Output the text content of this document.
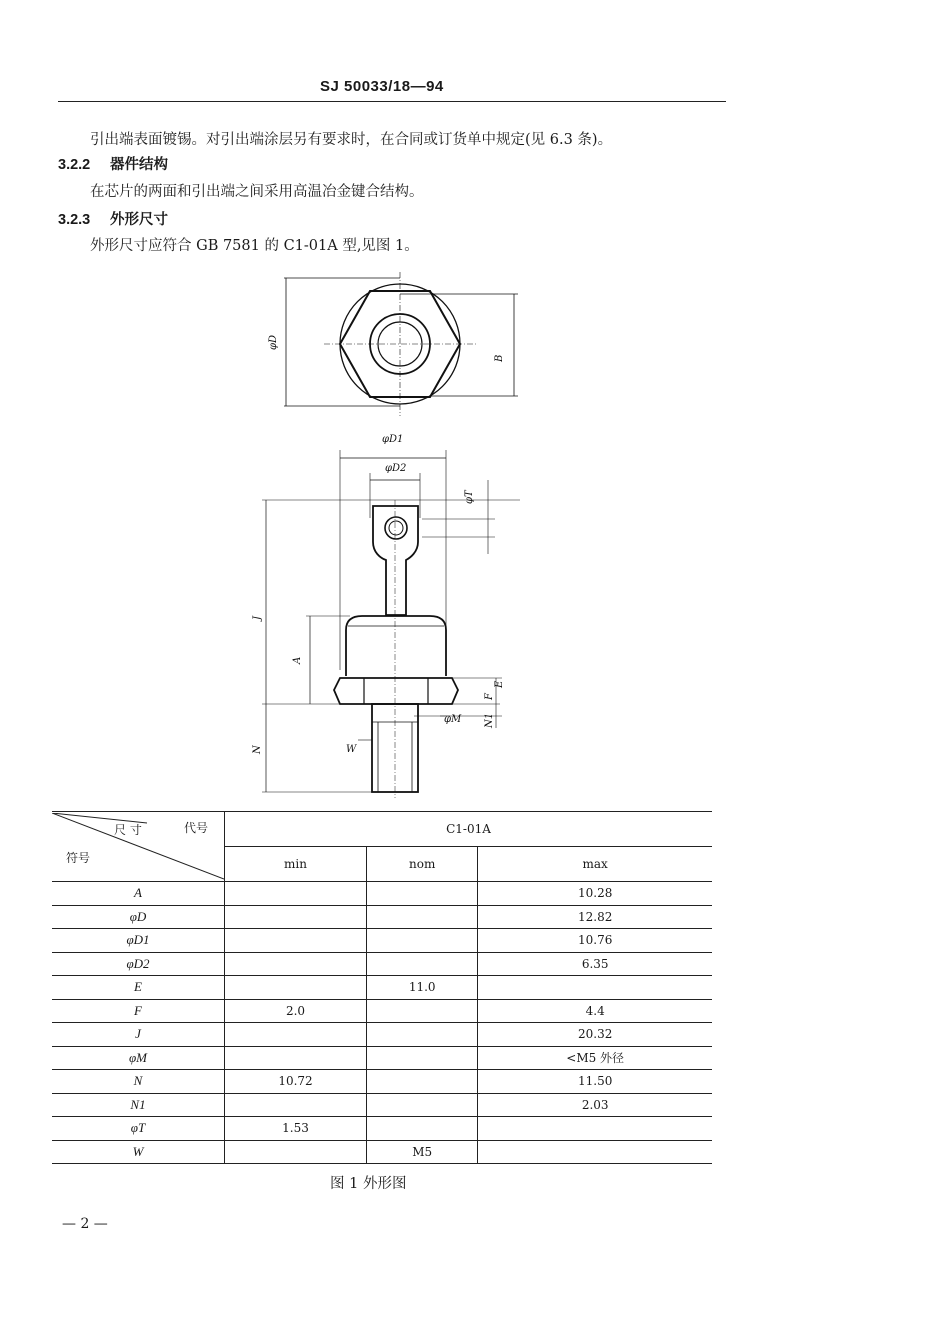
SJ 50033/18—94
引出端表面镀锡。对引出端涂层另有要求时，在合同或订货单中规定(见 6.3 条)。
3.2.2 器件结构
在芯片的两面和引出端之间采用高温冶金键合结构。
3.2.3 外形尺寸
外形尺寸应符合 GB 7581 的 C1-01A 型,见图 1。
φD
B
φD1
φD2
φT
J
A
F
E
φM N1
N	W
尺 寸 代号
符号	C1-01A		
	min	nom	max
A			10.28
φD			12.82
φD1			10.76
φD2			6.35
E		11.0	
F	2.0		4.4
J			20.32
φM			<M5 外径
N	10.72		11.50
N1			2.03
φT	1.53		
W		M5	
图 1 外形图
— 2 —
